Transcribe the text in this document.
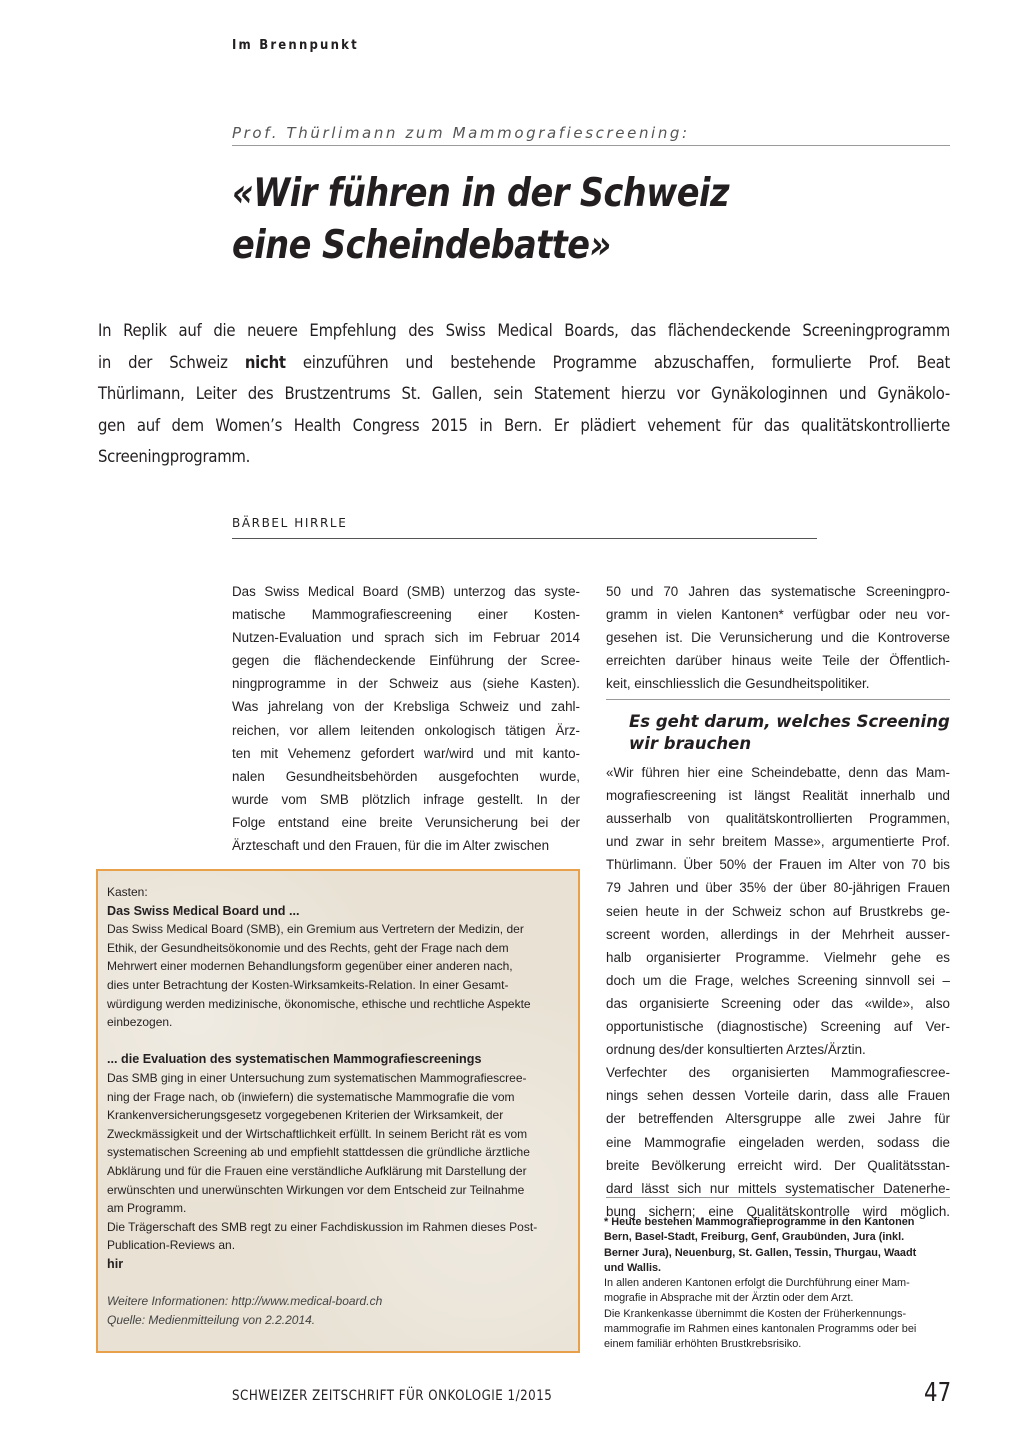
Im Brennpunkt
Prof. Thürlimann zum Mammografiescreening:
«Wir führen in der Schweiz
eine Scheindebatte»
In Replik auf die neuere Empfehlung des Swiss Medical Boards, das flächendeckende Screeningprogramm
in der Schweiz nicht einzuführen und bestehende Programme abzuschaffen, formulierte Prof. Beat
Thürlimann, Leiter des Brustzentrums St. Gallen, sein Statement hierzu vor Gynäkologinnen und Gynäkolo-
gen auf dem Women’s Health Congress 2015 in Bern. Er plädiert vehement für das qualitätskontrollierte
Screeningprogramm.
BÄRBEL HIRRLE
Das Swiss Medical Board (SMB) unterzog das syste-
matische Mammografiescreening einer Kosten-
Nutzen-Evaluation und sprach sich im Februar 2014
gegen die flächendeckende Einführung der Scree-
ningprogramme in der Schweiz aus (siehe Kasten).
Was jahrelang von der Krebsliga Schweiz und zahl-
reichen, vor allem leitenden onkologisch tätigen Ärz-
ten mit Vehemenz gefordert war/wird und mit kanto-
nalen Gesundheitsbehörden ausgefochten wurde,
wurde vom SMB plötzlich infrage gestellt. In der
Folge entstand eine breite Verunsicherung bei der
Ärzteschaft und den Frauen, für die im Alter zwischen
50 und 70 Jahren das systematische Screeningpro-
gramm in vielen Kantonen* verfügbar oder neu vor-
gesehen ist. Die Verunsicherung und die Kontroverse
erreichten darüber hinaus weite Teile der Öffentlich-
keit, einschliesslich die Gesundheitspolitiker.
Es geht darum, welches Screening
wir brauchen
«Wir führen hier eine Scheindebatte, denn das Mam-
mografiescreening ist längst Realität innerhalb und
ausserhalb von qualitätskontrollierten Programmen,
und zwar in sehr breitem Masse», argumentierte Prof.
Thürlimann. Über 50% der Frauen im Alter von 70 bis
79 Jahren und über 35% der über 80-jährigen Frauen
seien heute in der Schweiz schon auf Brustkrebs ge-
screent worden, allerdings in der Mehrheit ausser-
halb organisierter Programme. Vielmehr gehe es
doch um die Frage, welches Screening sinnvoll sei –
das organisierte Screening oder das «wilde», also
opportunistische (diagnostische) Screening auf Ver-
ordnung des/der konsultierten Arztes/Ärztin.
Verfechter des organisierten Mammografiescree-
nings sehen dessen Vorteile darin, dass alle Frauen
der betreffenden Altersgruppe alle zwei Jahre für
eine Mammografie eingeladen werden, sodass die
breite Bevölkerung erreicht wird. Der Qualitätsstan-
dard lässt sich nur mittels systematischer Datenerhe-
bung sichern; eine Qualitätskontrolle wird möglich.
* Heute bestehen Mammografieprogramme in den Kantonen
Bern, Basel-Stadt, Freiburg, Genf, Graubünden, Jura (inkl.
Berner Jura), Neuenburg, St. Gallen, Tessin, Thurgau, Waadt
und Wallis.
In allen anderen Kantonen erfolgt die Durchführung einer Mam-
mografie in Absprache mit der Ärztin oder dem Arzt.
Die Krankenkasse übernimmt die Kosten der Früherkennungs-
mammografie im Rahmen eines kantonalen Programms oder bei
einem familiär erhöhten Brustkrebsrisiko.
Kasten:
Das Swiss Medical Board und ...
Das Swiss Medical Board (SMB), ein Gremium aus Vertretern der Medizin, der
Ethik, der Gesundheitsökonomie und des Rechts, geht der Frage nach dem
Mehrwert einer modernen Behandlungsform gegenüber einer anderen nach,
dies unter Betrachtung der Kosten-Wirksamkeits-Relation. In einer Gesamt-
würdigung werden medizinische, ökonomische, ethische und rechtliche Aspekte
einbezogen.
... die Evaluation des systematischen Mammografiescreenings
Das SMB ging in einer Untersuchung zum systematischen Mammografiescree-
ning der Frage nach, ob (inwiefern) die systematische Mammografie die vom
Krankenversicherungsgesetz vorgegebenen Kriterien der Wirksamkeit, der
Zweckmässigkeit und der Wirtschaftlichkeit erfüllt. In seinem Bericht rät es vom
systematischen Screening ab und empfiehlt stattdessen die gründliche ärztliche
Abklärung und für die Frauen eine verständliche Aufklärung mit Darstellung der
erwünschten und unerwünschten Wirkungen vor dem Entscheid zur Teilnahme
am Programm.
Die Trägerschaft des SMB regt zu einer Fachdiskussion im Rahmen dieses Post-
Publication-Reviews an.
hir
Weitere Informationen: http://www.medical-board.ch
Quelle: Medienmitteilung von 2.2.2014.
SCHWEIZER ZEITSCHRIFT FÜR ONKOLOGIE 1/2015	47
